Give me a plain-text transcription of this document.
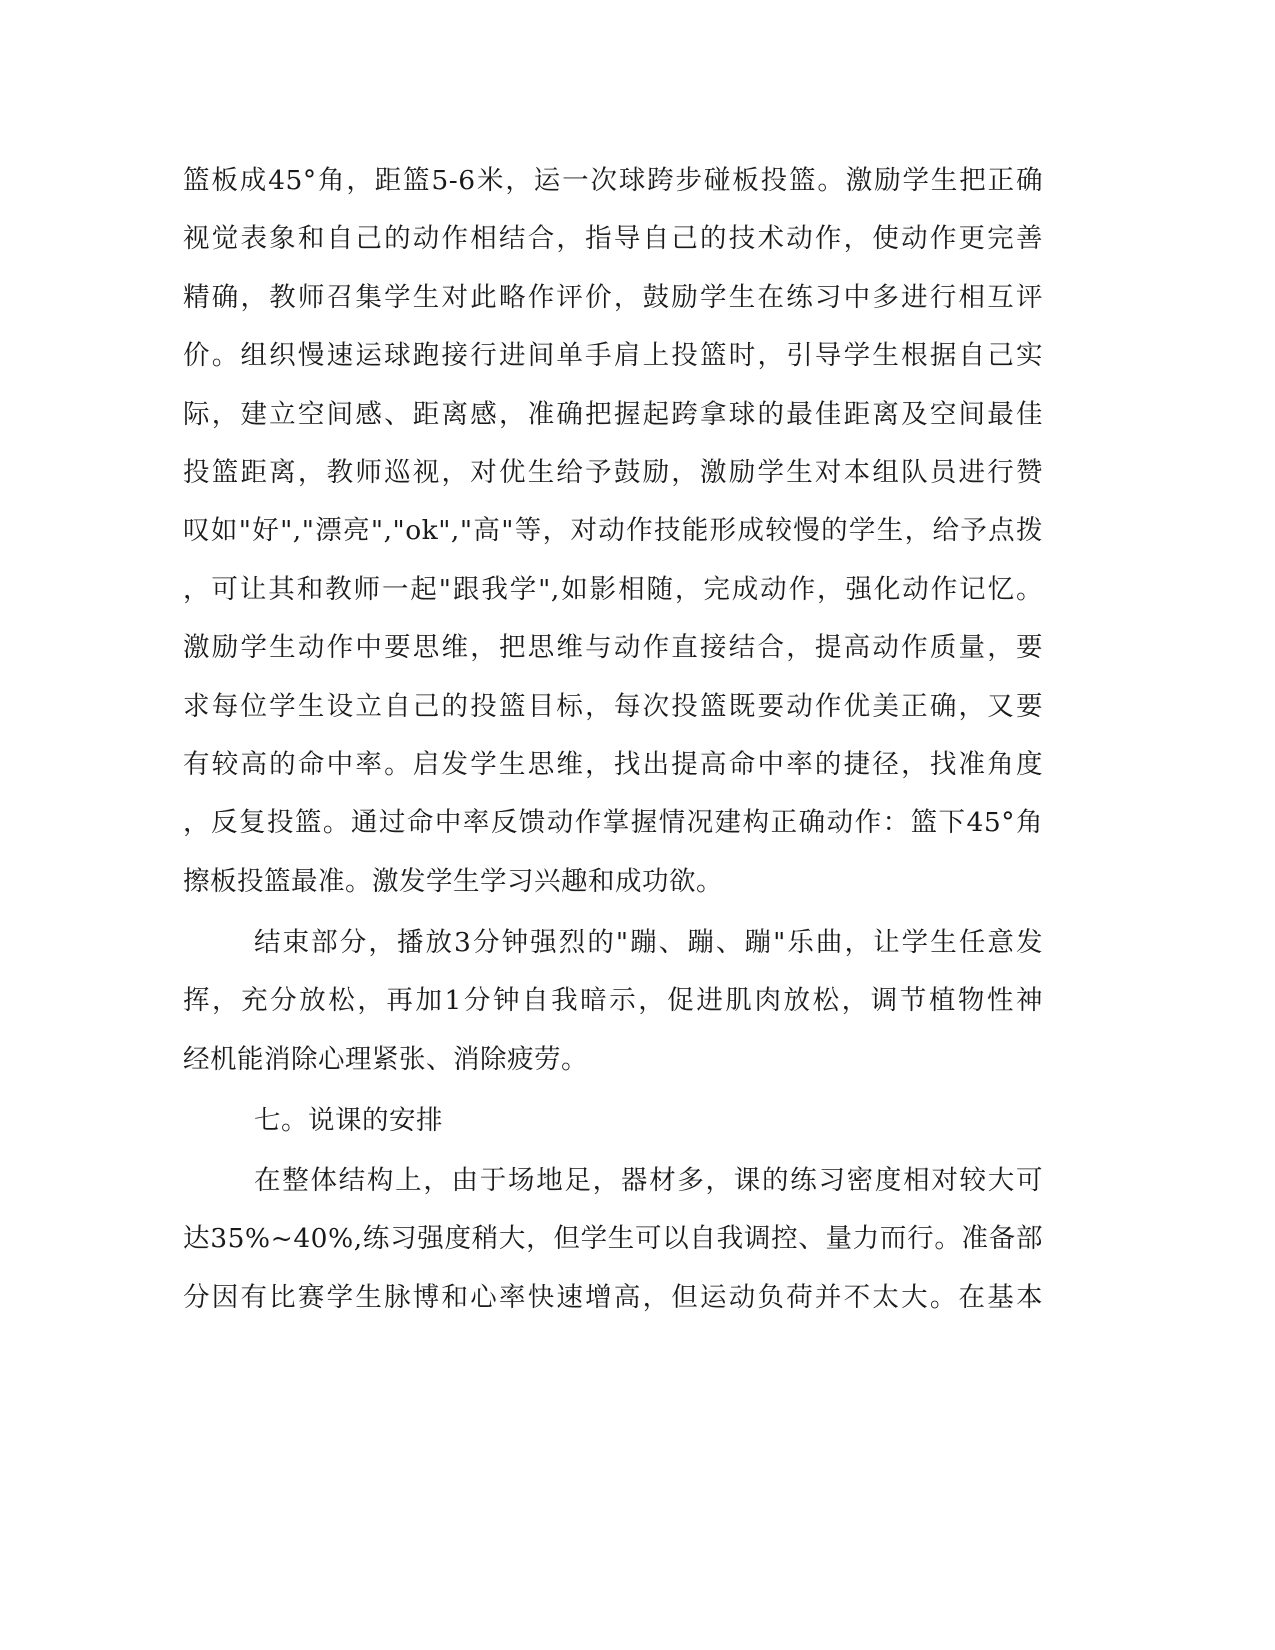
篮板成45°角，距篮5-6米，运一次球跨步碰板投篮。激励学生把正确
视觉表象和自己的动作相结合，指导自己的技术动作，使动作更完善
精确，教师召集学生对此略作评价，鼓励学生在练习中多进行相互评
价。组织慢速运球跑接行进间单手肩上投篮时，引导学生根据自己实
际，建立空间感、距离感，准确把握起跨拿球的最佳距离及空间最佳
投篮距离，教师巡视，对优生给予鼓励，激励学生对本组队员进行赞
叹如"好","漂亮","ok","高"等，对动作技能形成较慢的学生，给予点拨
，可让其和教师一起"跟我学",如影相随，完成动作，强化动作记忆。
激励学生动作中要思维，把思维与动作直接结合，提高动作质量，要
求每位学生设立自己的投篮目标，每次投篮既要动作优美正确，又要
有较高的命中率。启发学生思维，找出提高命中率的捷径，找准角度
，反复投篮。通过命中率反馈动作掌握情况建构正确动作：篮下45°角
擦板投篮最准。激发学生学习兴趣和成功欲。
结束部分，播放3分钟强烈的"蹦、蹦、蹦"乐曲，让学生任意发
挥，充分放松，再加1分钟自我暗示，促进肌肉放松，调节植物性神
经机能消除心理紧张、消除疲劳。
七。说课的安排
在整体结构上，由于场地足，器材多，课的练习密度相对较大可
达35%~40%,练习强度稍大，但学生可以自我调控、量力而行。准备部
分因有比赛学生脉博和心率快速增高，但运动负荷并不太大。在基本
